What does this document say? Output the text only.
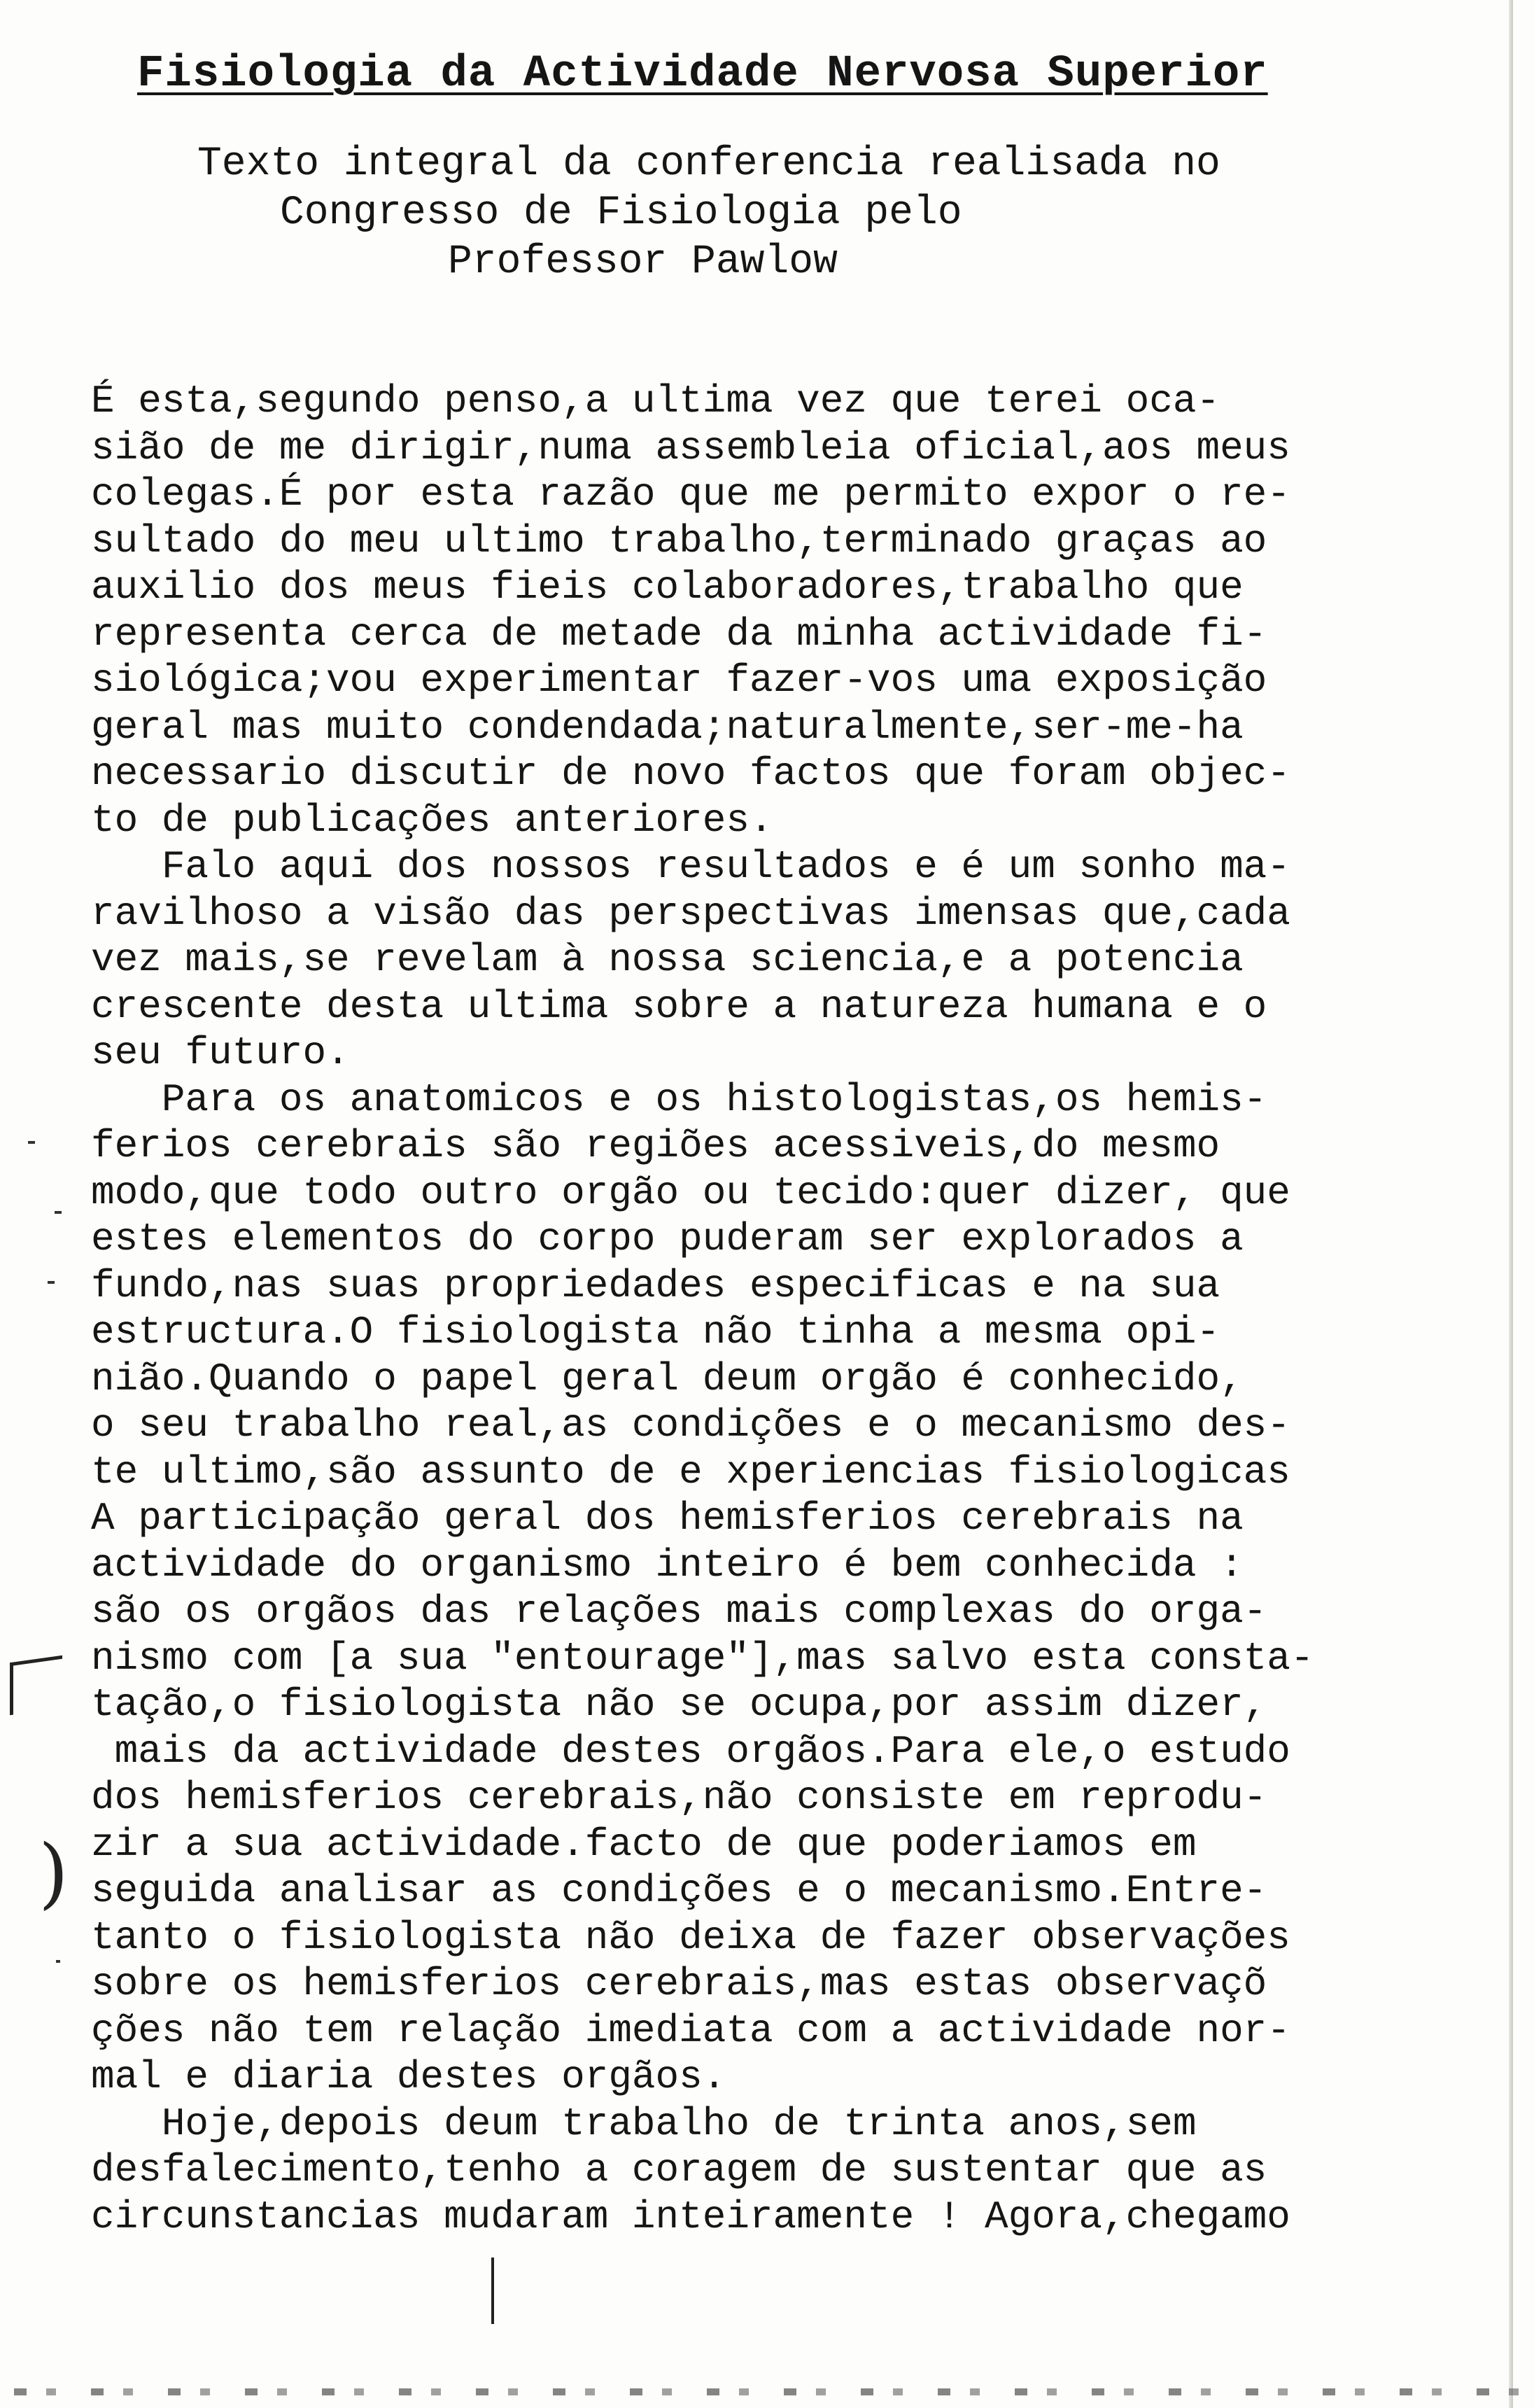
Fisiologia da Actividade Nervosa Superior
Texto integral da conferencia realisada no
Congresso de Fisiologia pelo
Professor Pawlow
É esta,segundo penso,a ultima vez que terei oca-
sião de me dirigir,numa assembleia oficial,aos meus
colegas.É por esta razão que me permito expor o re-
sultado do meu ultimo trabalho,terminado graças ao
auxilio dos meus fieis colaboradores,trabalho que
representa cerca de metade da minha actividade fi-
siológica;vou experimentar fazer-vos uma exposição
geral mas muito condendada;naturalmente,ser-me-ha
necessario discutir de novo factos que foram objec-
to de publicações anteriores.
Falo aqui dos nossos resultados e é um sonho ma-
ravilhoso a visão das perspectivas imensas que,cada
vez mais,se revelam à nossa sciencia,e a potencia
crescente desta ultima sobre a natureza humana e o
seu futuro.
Para os anatomicos e os histologistas,os hemis-
ferios cerebrais são regiões acessiveis,do mesmo
modo,que todo outro orgão ou tecido:quer dizer, que
estes elementos do corpo puderam ser explorados a
fundo,nas suas propriedades especificas e na sua
estructura.O fisiologista não tinha a mesma opi-
nião.Quando o papel geral deum orgão é conhecido,
o seu trabalho real,as condições e o mecanismo des-
te ultimo,são assunto de e xperiencias fisiologicas
A participação geral dos hemisferios cerebrais na
actividade do organismo inteiro é bem conhecida :
são os orgãos das relações mais complexas do orga-
nismo com [a sua "entourage"],mas salvo esta consta-
tação,o fisiologista não se ocupa,por assim dizer,
mais da actividade destes orgãos.Para ele,o estudo
dos hemisferios cerebrais,não consiste em reprodu-
zir a sua actividade.facto de que poderiamos em
seguida analisar as condições e o mecanismo.Entre-
tanto o fisiologista não deixa de fazer observações
sobre os hemisferios cerebrais,mas estas observaçõ
ções não tem relação imediata com a actividade nor-
mal e diaria destes orgãos.
Hoje,depois deum trabalho de trinta anos,sem
desfalecimento,tenho a coragem de sustentar que as
circunstancias mudaram inteiramente ! Agora,chegamo
)
